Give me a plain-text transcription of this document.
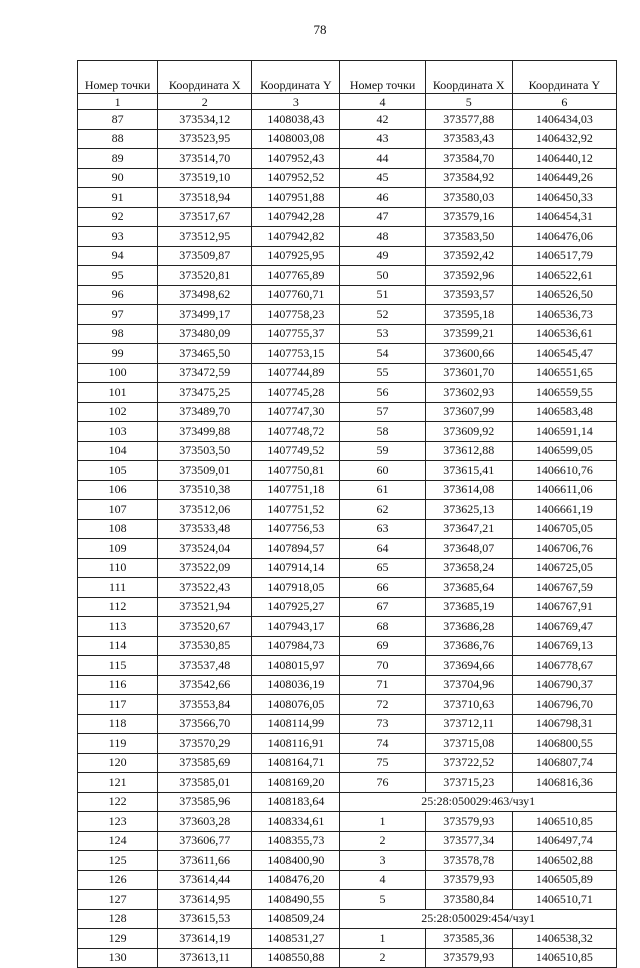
78
Номер точки	Координата X	Координата Y	Номер точки	Координата X	Координата Y
1	2	3	4	5	6
87	373534,12	1408038,43	42	373577,88	1406434,03
88	373523,95	1408003,08	43	373583,43	1406432,92
89	373514,70	1407952,43	44	373584,70	1406440,12
90	373519,10	1407952,52	45	373584,92	1406449,26
91	373518,94	1407951,88	46	373580,03	1406450,33
92	373517,67	1407942,28	47	373579,16	1406454,31
93	373512,95	1407942,82	48	373583,50	1406476,06
94	373509,87	1407925,95	49	373592,42	1406517,79
95	373520,81	1407765,89	50	373592,96	1406522,61
96	373498,62	1407760,71	51	373593,57	1406526,50
97	373499,17	1407758,23	52	373595,18	1406536,73
98	373480,09	1407755,37	53	373599,21	1406536,61
99	373465,50	1407753,15	54	373600,66	1406545,47
100	373472,59	1407744,89	55	373601,70	1406551,65
101	373475,25	1407745,28	56	373602,93	1406559,55
102	373489,70	1407747,30	57	373607,99	1406583,48
103	373499,88	1407748,72	58	373609,92	1406591,14
104	373503,50	1407749,52	59	373612,88	1406599,05
105	373509,01	1407750,81	60	373615,41	1406610,76
106	373510,38	1407751,18	61	373614,08	1406611,06
107	373512,06	1407751,52	62	373625,13	1406661,19
108	373533,48	1407756,53	63	373647,21	1406705,05
109	373524,04	1407894,57	64	373648,07	1406706,76
110	373522,09	1407914,14	65	373658,24	1406725,05
111	373522,43	1407918,05	66	373685,64	1406767,59
112	373521,94	1407925,27	67	373685,19	1406767,91
113	373520,67	1407943,17	68	373686,28	1406769,47
114	373530,85	1407984,73	69	373686,76	1406769,13
115	373537,48	1408015,97	70	373694,66	1406778,67
116	373542,66	1408036,19	71	373704,96	1406790,37
117	373553,84	1408076,05	72	373710,63	1406796,70
118	373566,70	1408114,99	73	373712,11	1406798,31
119	373570,29	1408116,91	74	373715,08	1406800,55
120	373585,69	1408164,71	75	373722,52	1406807,74
121	373585,01	1408169,20	76	373715,23	1406816,36
122	373585,96	1408183,64	25:28:050029:463/чзу1		
123	373603,28	1408334,61	1	373579,93	1406510,85
124	373606,77	1408355,73	2	373577,34	1406497,74
125	373611,66	1408400,90	3	373578,78	1406502,88
126	373614,44	1408476,20	4	373579,93	1406505,89
127	373614,95	1408490,55	5	373580,84	1406510,71
128	373615,53	1408509,24	25:28:050029:454/чзу1		
129	373614,19	1408531,27	1	373585,36	1406538,32
130	373613,11	1408550,88	2	373579,93	1406510,85
